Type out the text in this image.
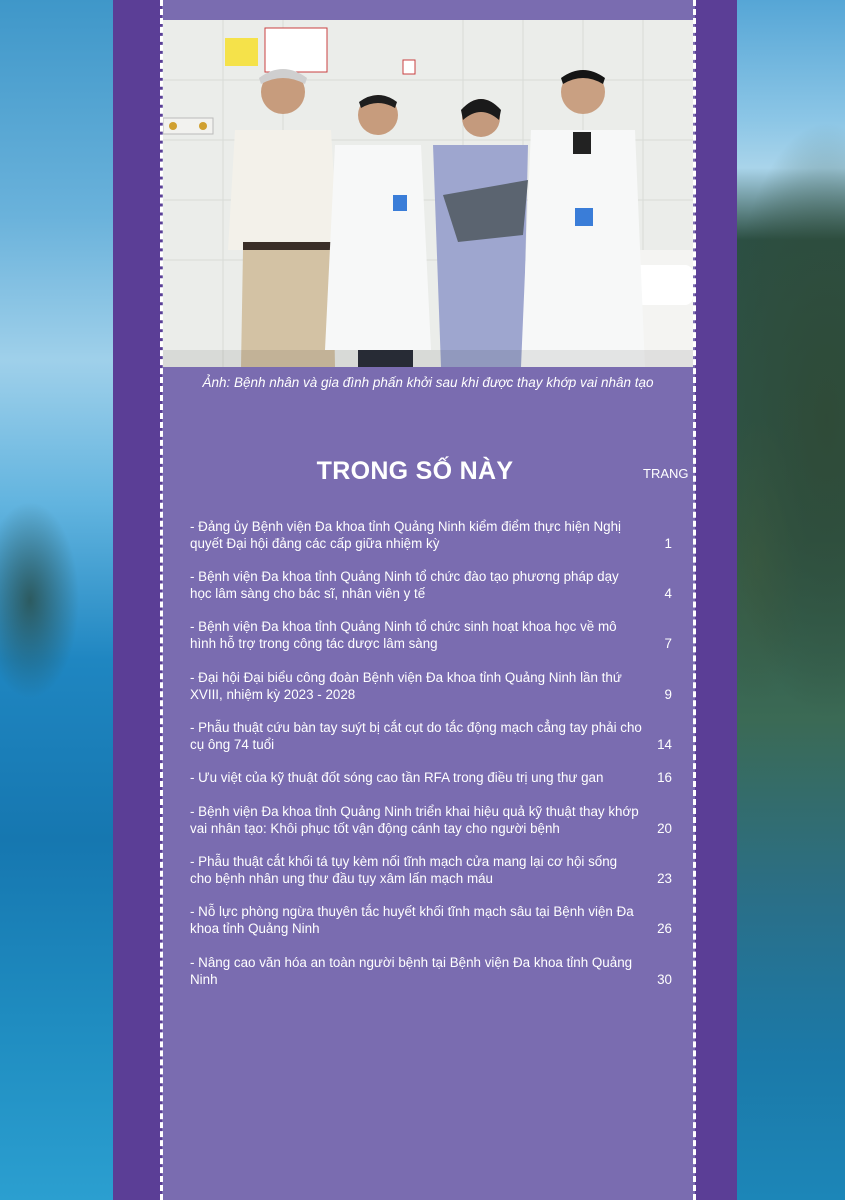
Ảnh: Bệnh nhân và gia đình phấn khởi sau khi được thay khớp vai nhân tạo
TRONG SỐ NÀY	TRANG
- Đảng ủy Bệnh viện Đa khoa tỉnh Quảng Ninh kiểm điểm thực hiện Nghị quyết Đại hội đảng các cấp giữa nhiệm kỳ	1
- Bệnh viện Đa khoa tỉnh Quảng Ninh tổ chức đào tạo phương pháp dạy học lâm sàng cho bác sĩ, nhân viên y tế	4
- Bệnh viện Đa khoa tỉnh Quảng Ninh tổ chức sinh hoạt khoa học về mô hình hỗ trợ trong công tác dược lâm sàng	7
- Đại hội Đại biểu công đoàn Bệnh viện Đa khoa tỉnh Quảng Ninh lần thứ XVIII, nhiệm kỳ 2023 - 2028	9
- Phẫu thuật cứu bàn tay suýt bị cắt cụt do tắc động mạch cẳng tay phải cho cụ ông 74 tuổi	14
- Ưu việt của kỹ thuật đốt sóng cao tần RFA trong điều trị ung thư gan	16
- Bệnh viện Đa khoa tỉnh Quảng Ninh triển khai hiệu quả kỹ thuật thay khớp vai nhân tạo: Khôi phục tốt vận động cánh tay cho người bệnh	20
- Phẫu thuật cắt khối tá tụy kèm nối tĩnh mạch cửa mang lại cơ hội sống cho bệnh nhân ung thư đầu tụy xâm lấn mạch máu	23
- Nỗ lực phòng ngừa thuyên tắc huyết khối tĩnh mạch sâu tại Bệnh viện Đa khoa tỉnh Quảng Ninh	26
- Nâng cao văn hóa an toàn người bệnh tại Bệnh viện Đa khoa tỉnh Quảng Ninh	30
